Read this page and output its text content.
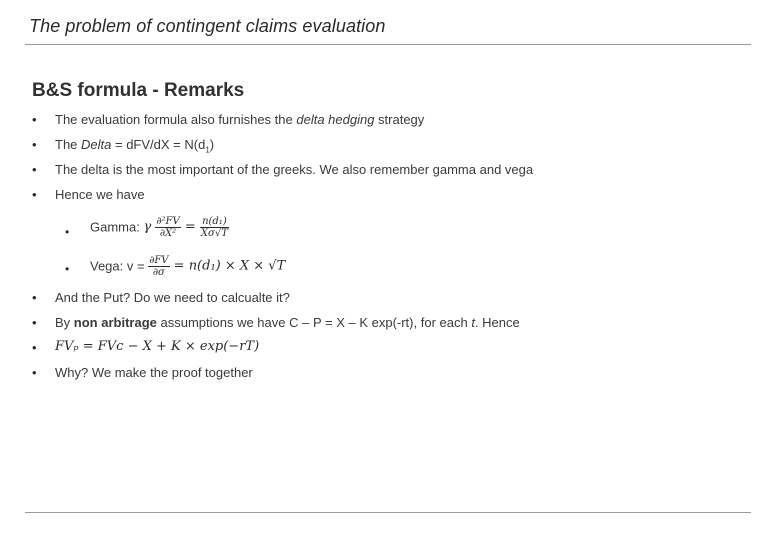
The problem of contingent claims evaluation
B&S formula - Remarks
• The evaluation formula also furnishes the delta hedging strategy
• The Delta = $dFV/dX = N(d_1)$
• The delta is the most important of the greeks. We also remember gamma and vega
• Hence we have
• Gamma: γ $\frac{\text{∂²FV}}{\text{∂X²}} = \frac{\text{n(d₁)}}{X\sigma√T}$
• Vega: $v = \frac{\partial FV}{\partial\sigma} = n(d_1) \times X \times √T$
• And the Put? Do we need to calcualte it?
• By non arbitrage assumptions we have C – P = X – K exp(-rt), for each t. Hence
• FVₚ = FVᴄ − X + K × exp(−rT)
• Why? We make the proof together
